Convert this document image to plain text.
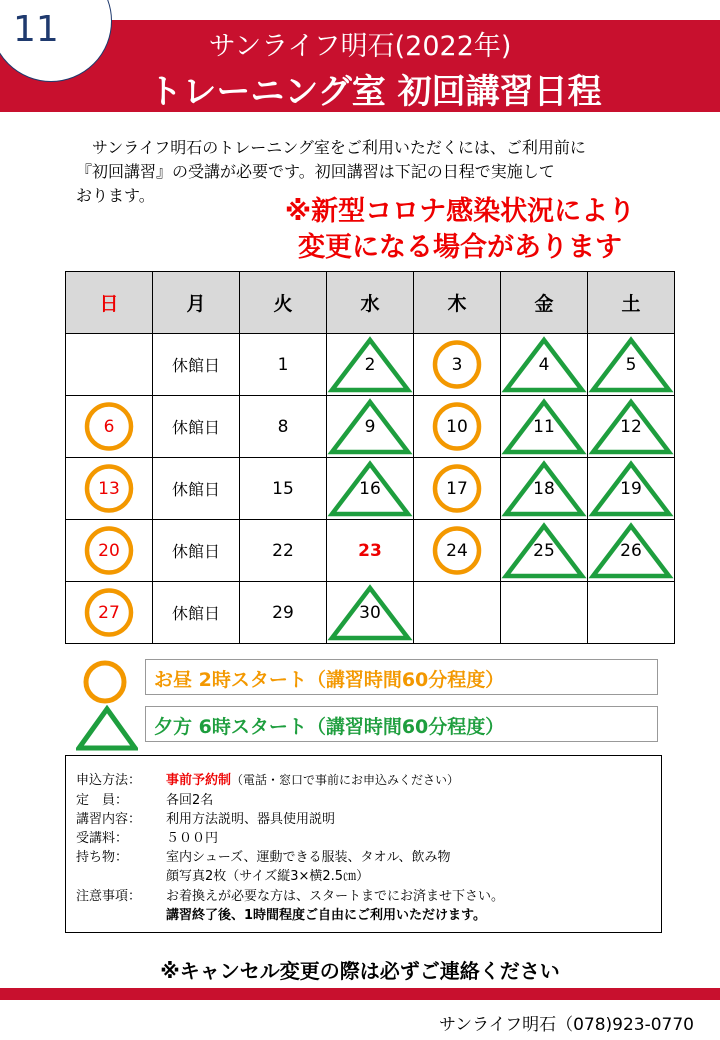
サンライフ明石(2022年)
トレーニング室 初回講習日程
11
サンライフ明石のトレーニング室をご利用いただくには、ご利用前に
『初回講習』の受講が必要です。初回講習は下記の日程で実施して
おります。
※新型コロナ感染状況により
変更になる場合があります
日	月	火	水	木	金	土
	休館日	1	2	3	4	5

6	休館日	8	9	10	11	12

13	休館日	15	16	17	18	19

20	休館日	22	23	24	25	26

27	休館日	29	30			
お昼 2時スタート（講習時間60分程度）
夕方 6時スタート（講習時間60分程度）
申込方法： 事前予約制（電話・窓口で事前にお申込みください）
定　員：	各回2名
講習内容： 利用方法説明、器具使用説明
受講料：	５００円
持ち物：	室内シューズ、運動できる服装、タオル、飲み物
顔写真2枚（サイズ縦3×横2.5㎝）
注意事項： お着換えが必要な方は、スタートまでにお済ませ下さい。
講習終了後、1時間程度ご自由にご利用いただけます。
※キャンセル変更の際は必ずご連絡ください
サンライフ明石（078)923-0770
